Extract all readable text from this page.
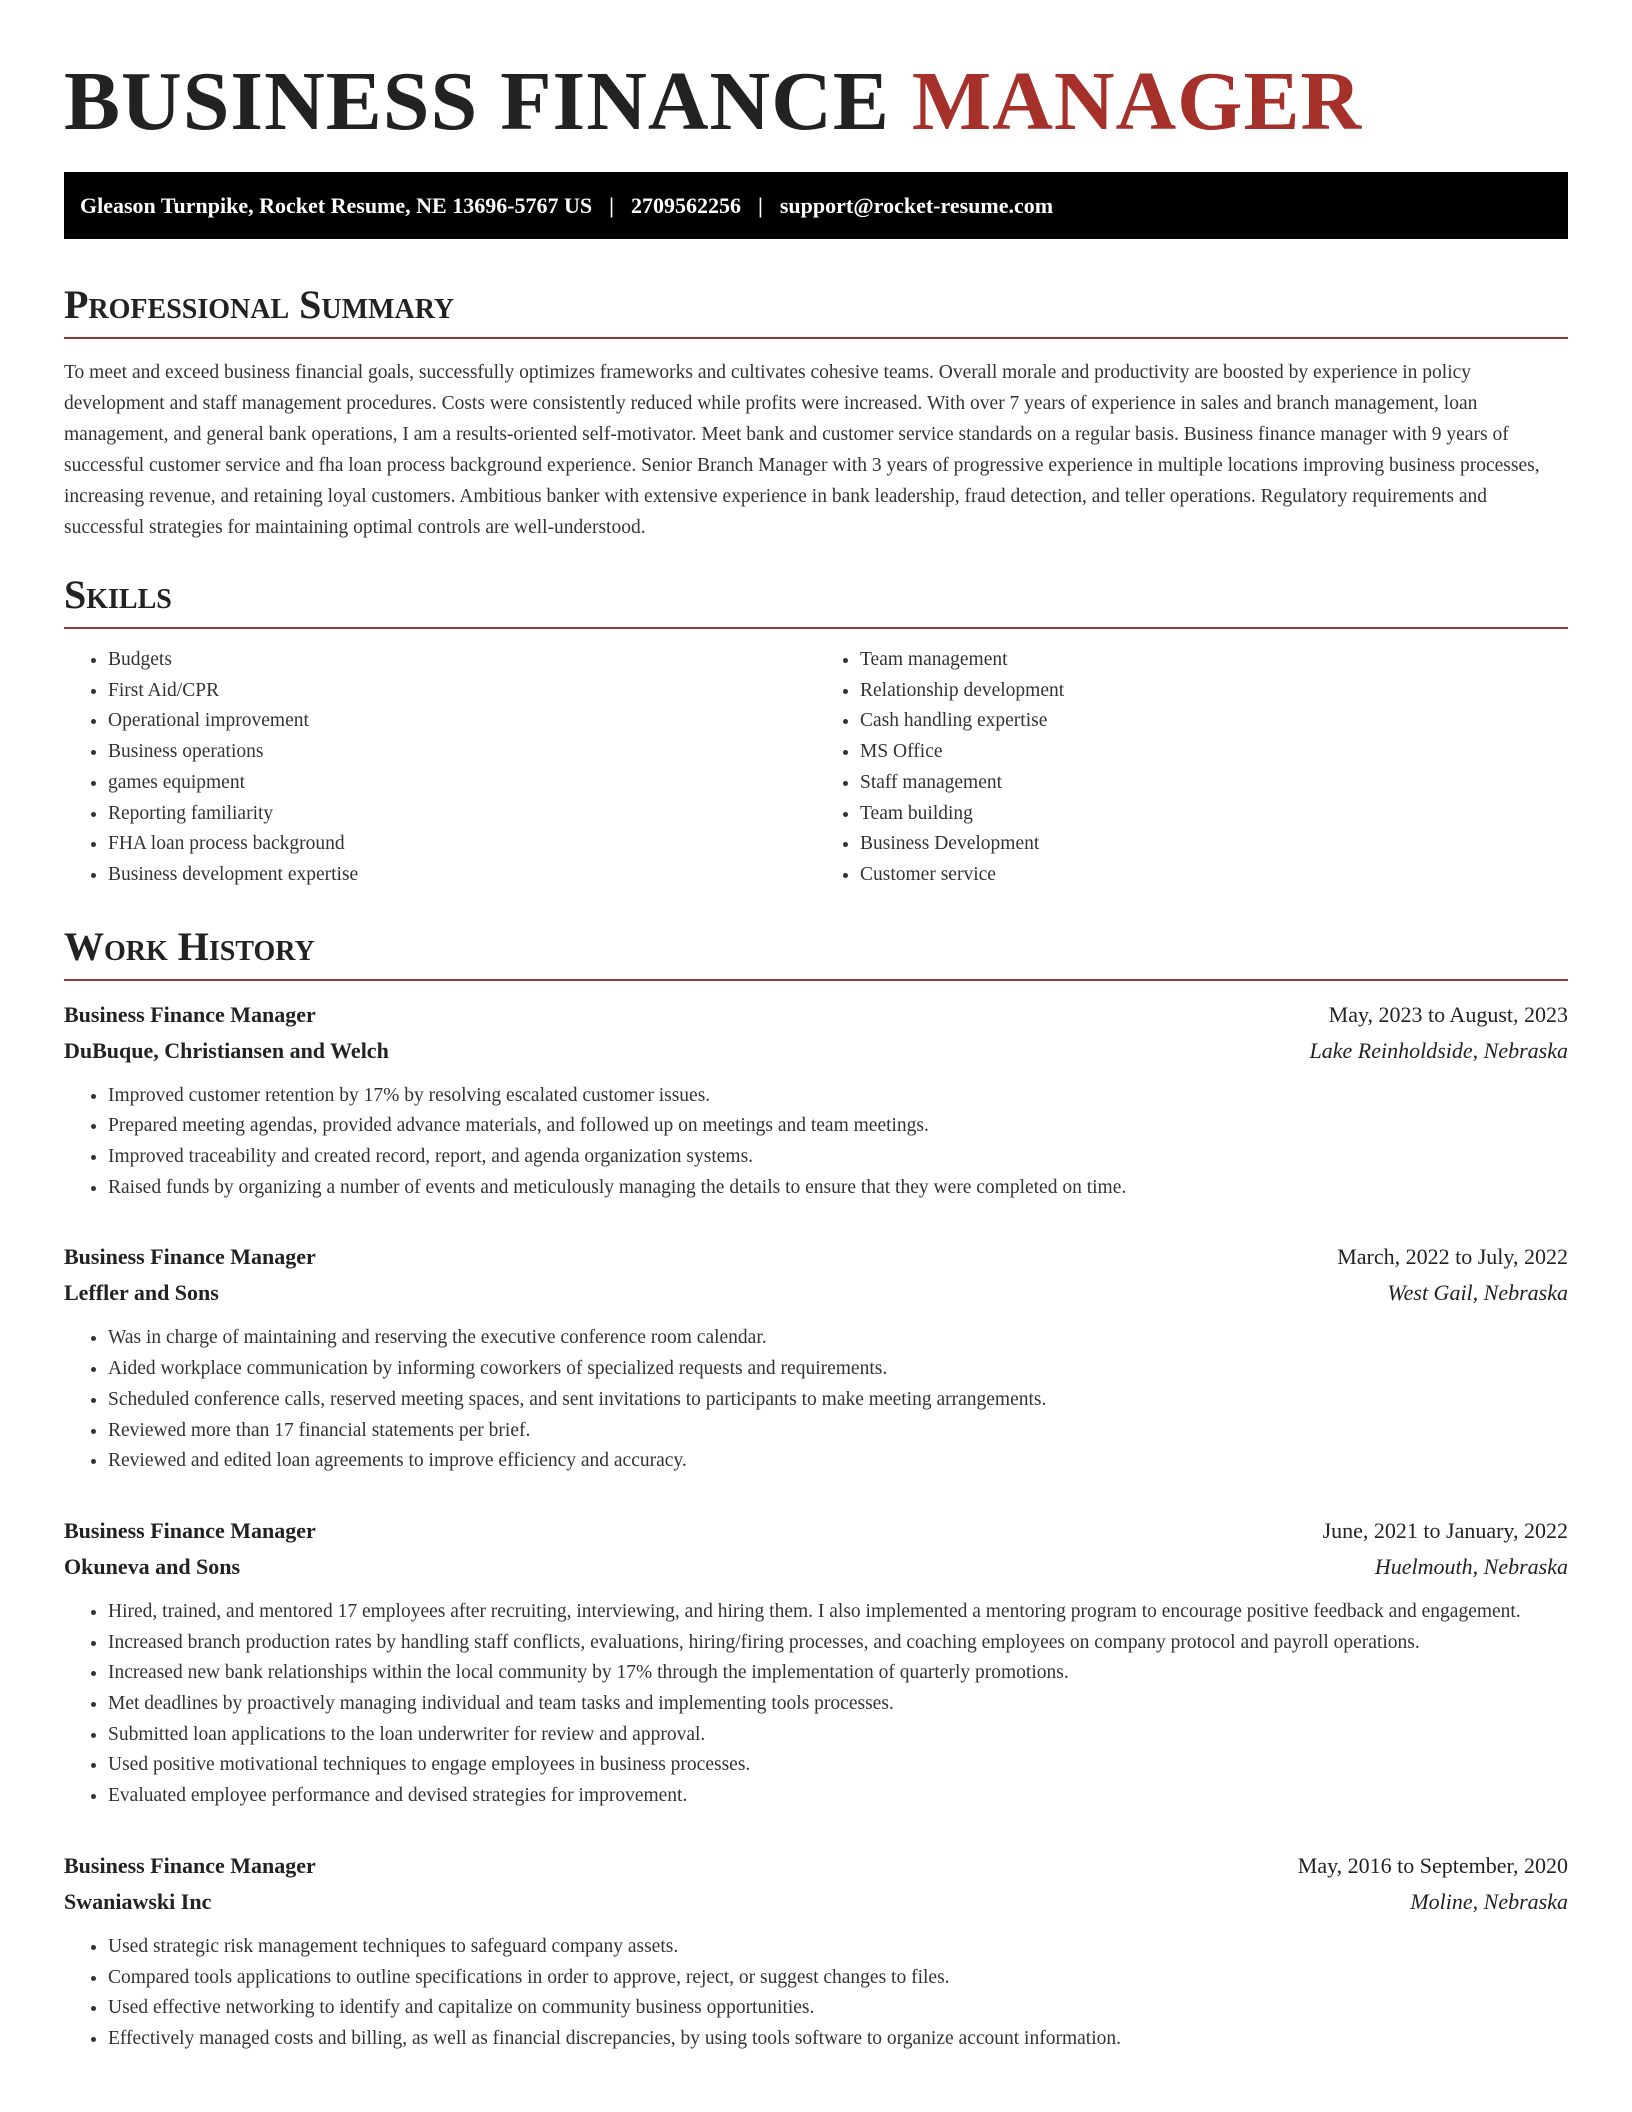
BUSINESS FINANCE MANAGER
Gleason Turnpike, Rocket Resume, NE 13696-5767 US | 2709562256 | support@rocket-resume.com
Professional Summary

To meet and exceed business financial goals, successfully optimizes frameworks and cultivates cohesive teams. Overall morale and productivity are boosted by experience in policy development and staff management procedures. Costs were consistently reduced while profits were increased. With over 7 years of experience in sales and branch management, loan management, and general bank operations, I am a results-oriented self-motivator. Meet bank and customer service standards on a regular basis. Business finance manager with 9 years of successful customer service and fha loan process background experience. Senior Branch Manager with 3 years of progressive experience in multiple locations improving business processes, increasing revenue, and retaining loyal customers. Ambitious banker with extensive experience in bank leadership, fraud detection, and teller operations. Regulatory requirements and successful strategies for maintaining optimal controls are well-understood.

Skills
• Budgets
• First Aid/CPR
• Operational improvement
• Business operations
• games equipment
• Reporting familiarity
• FHA loan process background
• Business development expertise
• Team management
• Relationship development
• Cash handling expertise
• MS Office
• Staff management
• Team building
• Business Development
• Customer service
Work History
Business Finance Manager	May, 2023 to August, 2023
DuBuque, Christiansen and Welch	Lake Reinholdside, Nebraska
• Improved customer retention by 17% by resolving escalated customer issues.
• Prepared meeting agendas, provided advance materials, and followed up on meetings and team meetings.
• Improved traceability and created record, report, and agenda organization systems.
• Raised funds by organizing a number of events and meticulously managing the details to ensure that they were completed on time.
Business Finance Manager	March, 2022 to July, 2022
Leffler and Sons	West Gail, Nebraska
• Was in charge of maintaining and reserving the executive conference room calendar.
• Aided workplace communication by informing coworkers of specialized requests and requirements.
• Scheduled conference calls, reserved meeting spaces, and sent invitations to participants to make meeting arrangements.
• Reviewed more than 17 financial statements per brief.
• Reviewed and edited loan agreements to improve efficiency and accuracy.
Business Finance Manager	June, 2021 to January, 2022
Okuneva and Sons	Huelmouth, Nebraska
• Hired, trained, and mentored 17 employees after recruiting, interviewing, and hiring them. I also implemented a mentoring program to encourage positive feedback and engagement.
• Increased branch production rates by handling staff conflicts, evaluations, hiring/firing processes, and coaching employees on company protocol and payroll operations.
• Increased new bank relationships within the local community by 17% through the implementation of quarterly promotions.
• Met deadlines by proactively managing individual and team tasks and implementing tools processes.
• Submitted loan applications to the loan underwriter for review and approval.
• Used positive motivational techniques to engage employees in business processes.
• Evaluated employee performance and devised strategies for improvement.
Business Finance Manager	May, 2016 to September, 2020
Swaniawski Inc	Moline, Nebraska
• Used strategic risk management techniques to safeguard company assets.
• Compared tools applications to outline specifications in order to approve, reject, or suggest changes to files.
• Used effective networking to identify and capitalize on community business opportunities.
• Effectively managed costs and billing, as well as financial discrepancies, by using tools software to organize account information.
